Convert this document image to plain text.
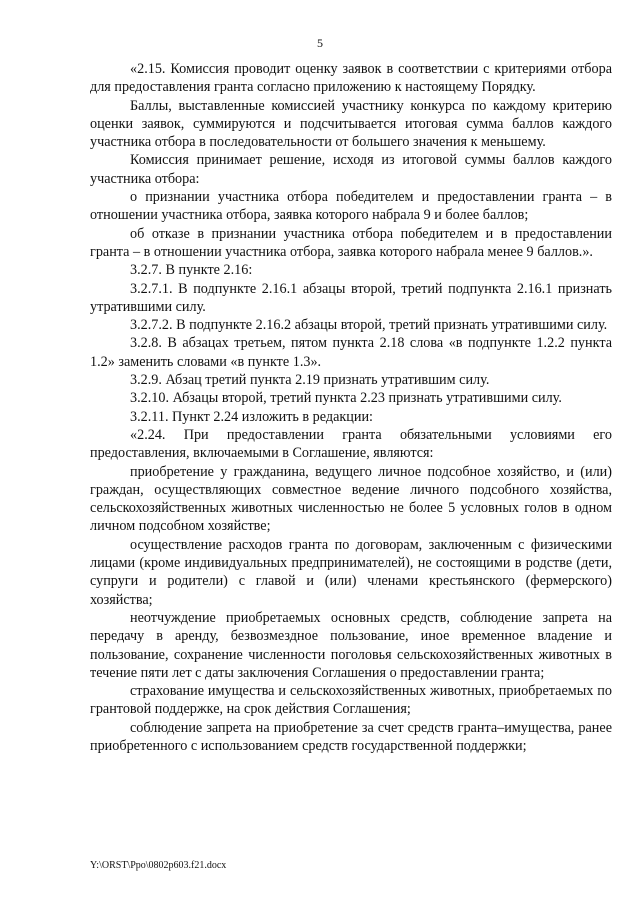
5

«2.15. Комиссия проводит оценку заявок в соответствии с критериями отбора для предоставления гранта согласно приложению к настоящему Порядку.

Баллы, выставленные комиссией участнику конкурса по каждому критерию оценки заявок, суммируются и подсчитывается итоговая сумма баллов каждого участника отбора в последовательности от большего значения к меньшему.

Комиссия принимает решение, исходя из итоговой суммы баллов каждого участника отбора:

о признании участника отбора победителем и предоставлении гранта – в отношении участника отбора, заявка которого набрала 9 и более баллов;

об отказе в признании участника отбора победителем и в предоставлении гранта – в отношении участника отбора, заявка которого набрала менее 9 баллов.».

3.2.7. В пункте 2.16:

3.2.7.1. В подпункте 2.16.1 абзацы второй, третий подпункта 2.16.1 признать утратившими силу.

3.2.7.2. В подпункте 2.16.2 абзацы второй, третий признать утратившими силу.

3.2.8. В абзацах третьем, пятом пункта 2.18 слова «в подпункте 1.2.2 пункта 1.2» заменить словами «в пункте 1.3».

3.2.9. Абзац третий пункта 2.19 признать утратившим силу.

3.2.10. Абзацы второй, третий пункта 2.23 признать утратившими силу.

3.2.11. Пункт 2.24 изложить в редакции:

«2.24. При предоставлении гранта обязательными условиями его предоставления, включаемыми в Соглашение, являются:

приобретение у гражданина, ведущего личное подсобное хозяйство, и (или) граждан, осуществляющих совместное ведение личного подсобного хозяйства, сельскохозяйственных животных численностью не более 5 условных голов в одном личном подсобном хозяйстве;

осуществление расходов гранта по договорам, заключенным с физическими лицами (кроме индивидуальных предпринимателей), не состоящими в родстве (дети, супруги и родители) с главой и (или) членами крестьянского (фермерского) хозяйства;

неотчуждение приобретаемых основных средств, соблюдение запрета на передачу в аренду, безвозмездное пользование, иное временное владение и пользование, сохранение численности поголовья сельскохозяйственных животных в течение пяти лет с даты заключения Соглашения о предоставлении гранта;

страхование имущества и сельскохозяйственных животных, приобретаемых по грантовой поддержке, на срок действия Соглашения;

соблюдение запрета на приобретение за счет средств гранта–имущества, ранее приобретенного с использованием средств государственной поддержки;

Y:\ORST\Ppo\0802p603.f21.docx
